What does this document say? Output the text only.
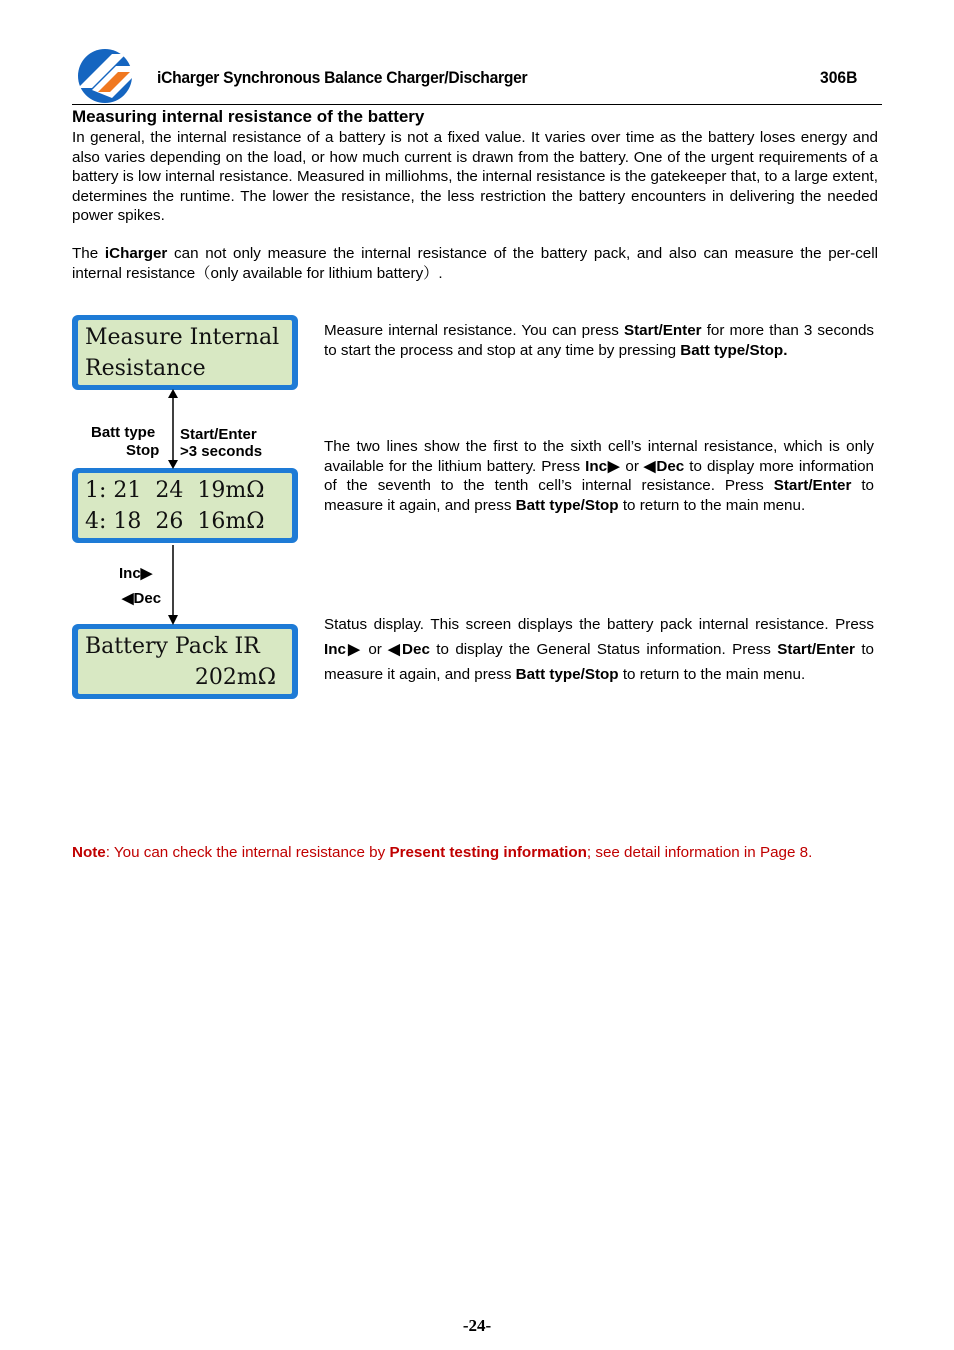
iCharger Synchronous Balance Charger/Discharger	306B
Measuring internal resistance of the battery
In general, the internal resistance of a battery is not a fixed value. It varies over time as the battery loses energy and also varies depending on the load, or how much current is drawn from the battery. One of the urgent requirements of a battery is low internal resistance. Measured in milliohms, the internal resistance is the gatekeeper that, to a large extent, determines the runtime. The lower the resistance, the less restriction the battery encounters in delivering the needed power spikes.
The iCharger can not only measure the internal resistance of the battery pack, and also can measure the per-cell internal resistance（only available for lithium battery）.
Measure Internal
Resistance
1: 21  24  19mΩ
4: 18  26  16mΩ
Battery Pack IR
202mΩ
Batt type
Stop
Start/Enter
>3 seconds
Inc▶
◀Dec
Measure internal resistance. You can press Start/Enter for more than 3 seconds to start the process and stop at any time by pressing Batt type/Stop.
The two lines show the first to the sixth cell’s internal resistance, which is only available for the lithium battery. Press Inc▶ or ◀Dec to display more information of the seventh to the tenth cell’s internal resistance. Press Start/Enter to measure it again, and press Batt type/Stop to return to the main menu.
Status display. This screen displays the battery pack internal resistance. Press Inc▶ or ◀Dec to display the General Status information. Press Start/Enter to measure it again, and press Batt type/Stop to return to the main menu.
Note: You can check the internal resistance by Present testing information; see detail information in Page 8.
-24-
